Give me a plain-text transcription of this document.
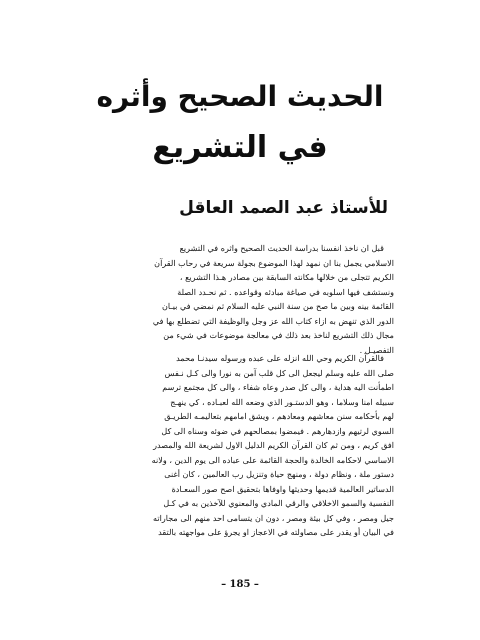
الحديث الصحيح وأثره
في التشريع
للأستاذ عبد الصمد العاقل
قبل ان ناخذ انفسنا بدراسة الحديث الصحيح واثره في التشريع
الاسلامي يجمل بنا ان نمهد لهذا الموضوع بجولة سريعة في رحاب القرآن
الكريم تتجلى من خلالها مكانته السابقة بين مصادر هـذا التشريع ،
ونستشف فيها اسلوبه في صياغة مبادئه وقواعده . ثم نحـدد الصلة
القائمة بينه وبين ما صح من سنة النبي عليه السلام ثم نمضي في بيـان
الدور الذي تنهض به ازاء كتاب الله عز وجل والوظيفة التي تضطلع بها في
مجال ذلك التشريع لناخذ بعد ذلك في معالجة موضوعات في شيء من
التفصيـل .
فالقرآن الكريم وحي الله انزله على عبده ورسوله سيدنـا محمد
صلى الله عليه وسلم ليجعل الى كل قلب آمن به نورا والى كـل نـفس
اطمأنت اليه هداية ، والى كل صدر وعاه شفاء ، والى كل مجتمع ترسم
سبيله امنا وسلاما ، وهو الدستـور الذي وضعه الله لعبـاده ، كي ينهـج
لهم بأحكامه سنن معاشهم ومعادهم ، ويشق امامهم بتعاليمـه الطريـق
السوي لرتيهم وازدهارهم . فيمضوا بمصالحهم في ضوئه وسناه الى كل
افق كريم ، ومن ثم كان القرآن الكريم الدليل الاول لشريعة الله والمصدر
الاساسي لاحكامه الخالدة والحجة القائمة على عباده الى يوم الدين ، ولانه
دستور ملة ، ونظام دولة ، ومنهج حياة وتنزيل رب العالمين ، كان أغنى
الدساتير العالمية قديمها وحديثها واوفاها بتحقيق اصح صور السعـادة
النفسية والسمو الاخلاقي والرقي المادي والمعنوي للآخذين به في كـل
جيل ومصر ، وفي كل بيئة ومصر ، دون ان يتسامى احد منهم الى مجاراته
في البيان أو يقدر على مصاولته في الاعجاز او يجرؤ على مواجهته بالتقد
– 185 –
